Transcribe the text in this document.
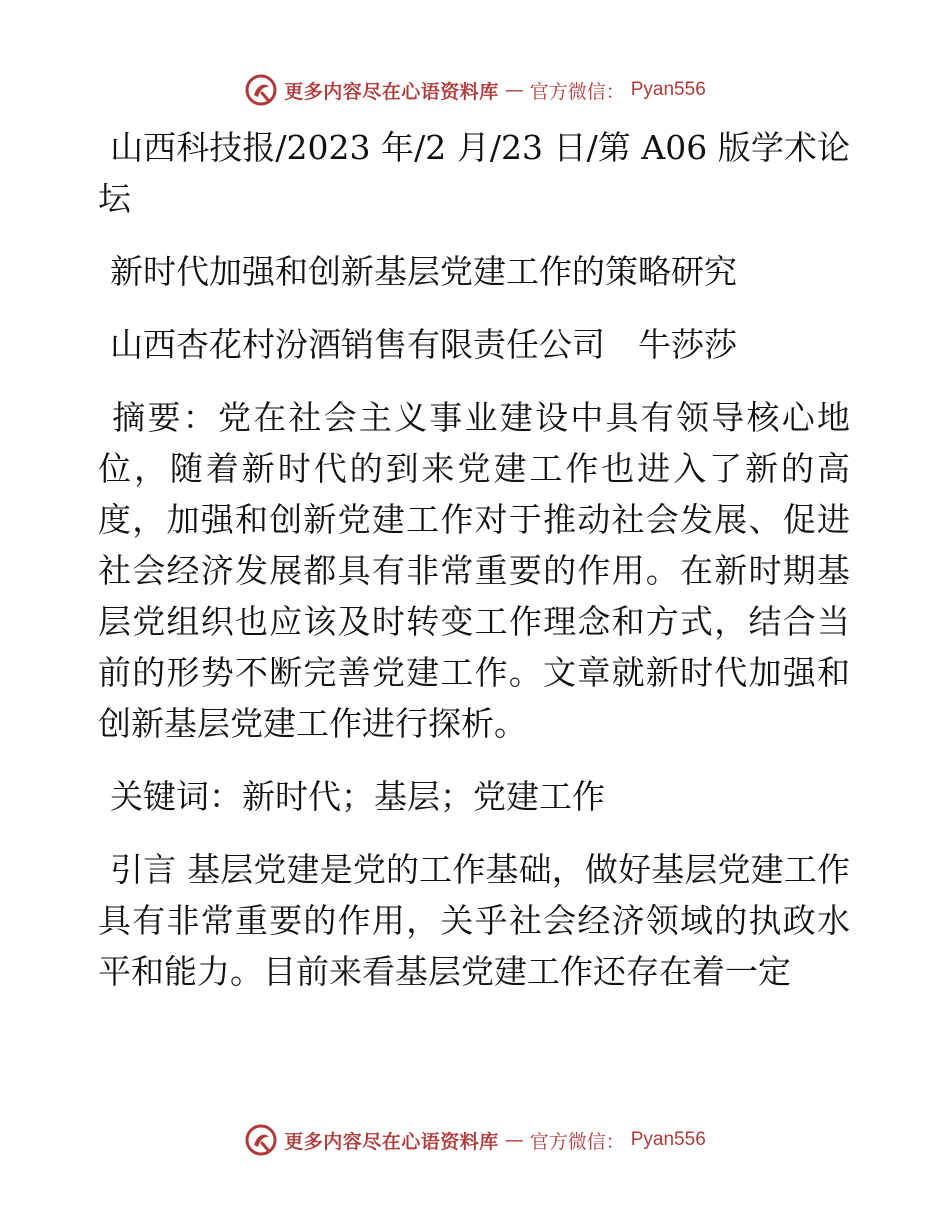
更多内容尽在心语资料库 — 官方微信： Pyan556

山西科技报/2023 年/2 月/23 日/第 A06 版学术论坛

新时代加强和创新基层党建工作的策略研究

山西杏花村汾酒销售有限责任公司　牛莎莎

摘要：党在社会主义事业建设中具有领导核心地位，随着新时代的到来党建工作也进入了新的高度，加强和创新党建工作对于推动社会发展、促进社会经济发展都具有非常重要的作用。在新时期基层党组织也应该及时转变工作理念和方式，结合当前的形势不断完善党建工作。文章就新时代加强和创新基层党建工作进行探析。

关键词：新时代；基层；党建工作

引言 基层党建是党的工作基础，做好基层党建工作具有非常重要的作用，关乎社会经济领域的执政水平和能力。目前来看基层党建工作还存在着一定

更多内容尽在心语资料库 — 官方微信： Pyan556
